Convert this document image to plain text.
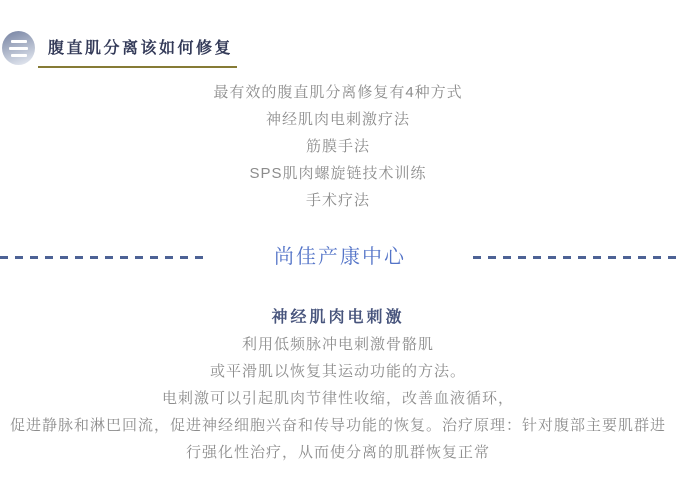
腹直肌分离该如何修复

最有效的腹直肌分离修复有4种方式

神经肌肉电刺激疗法

筋膜手法

SPS肌肉螺旋链技术训练

手术疗法

尚佳产康中心
神经肌肉电刺激

利用低频脉冲电刺激骨骼肌

或平滑肌以恢复其运动功能的方法。

电刺激可以引起肌肉节律性收缩，改善血液循环，

促进静脉和淋巴回流，促进神经细胞兴奋和传导功能的恢复。治疗原理：针对腹部主要肌群进

行强化性治疗，从而使分离的肌群恢复正常
